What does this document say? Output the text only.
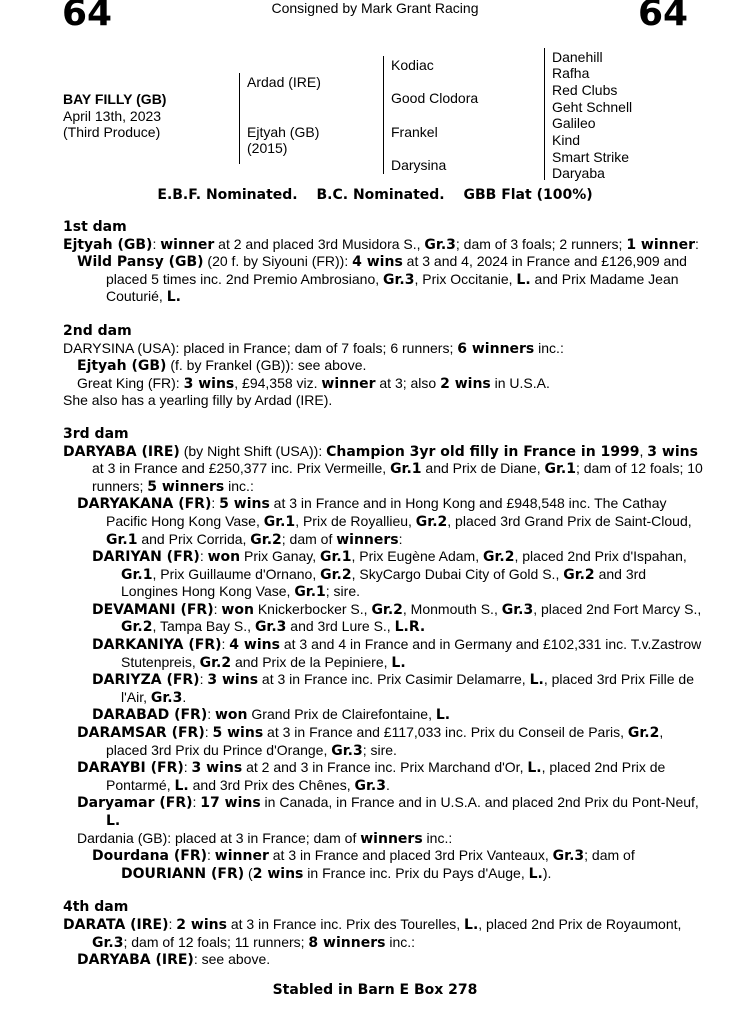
64	Consigned by Mark Grant Racing	64
BAY FILLY (GB)
April 13th, 2023
(Third Produce)
Ardad (IRE)
Ejtyah (GB)
(2015)
Kodiac
Good Clodora
Frankel
Darysina
Danehill
Rafha
Red Clubs
Geht Schnell
Galileo
Kind
Smart Strike
Daryaba
E.B.F. Nominated. B.C. Nominated. GBB Flat (100%)
1st dam
Ejtyah (GB): winner at 2 and placed 3rd Musidora S., Gr.3; dam of 3 foals; 2 runners; 1 winner:
Wild Pansy (GB) (20 f. by Siyouni (FR)): 4 wins at 3 and 4, 2024 in France and £126,909 and placed 5 times inc. 2nd Premio Ambrosiano, Gr.3, Prix Occitanie, L. and Prix Madame Jean Couturié, L.
2nd dam
DARYSINA (USA): placed in France; dam of 7 foals; 6 runners; 6 winners inc.:
Ejtyah (GB) (f. by Frankel (GB)): see above.
Great King (FR): 3 wins, £94,358 viz. winner at 3; also 2 wins in U.S.A.
She also has a yearling filly by Ardad (IRE).
3rd dam
DARYABA (IRE) (by Night Shift (USA)): Champion 3yr old filly in France in 1999, 3 wins at 3 in France and £250,377 inc. Prix Vermeille, Gr.1 and Prix de Diane, Gr.1; dam of 12 foals; 10 runners; 5 winners inc.:
DARYAKANA (FR): 5 wins at 3 in France and in Hong Kong and £948,548 inc. The Cathay Pacific Hong Kong Vase, Gr.1, Prix de Royallieu, Gr.2, placed 3rd Grand Prix de Saint-Cloud, Gr.1 and Prix Corrida, Gr.2; dam of winners:
DARIYAN (FR): won Prix Ganay, Gr.1, Prix Eugène Adam, Gr.2, placed 2nd Prix d'Ispahan, Gr.1, Prix Guillaume d'Ornano, Gr.2, SkyCargo Dubai City of Gold S., Gr.2 and 3rd Longines Hong Kong Vase, Gr.1; sire.
DEVAMANI (FR): won Knickerbocker S., Gr.2, Monmouth S., Gr.3, placed 2nd Fort Marcy S., Gr.2, Tampa Bay S., Gr.3 and 3rd Lure S., L.R.
DARKANIYA (FR): 4 wins at 3 and 4 in France and in Germany and £102,331 inc. T.v.Zastrow Stutenpreis, Gr.2 and Prix de la Pepiniere, L.
DARIYZA (FR): 3 wins at 3 in France inc. Prix Casimir Delamarre, L., placed 3rd Prix Fille de l'Air, Gr.3.
DARABAD (FR): won Grand Prix de Clairefontaine, L.
DARAMSAR (FR): 5 wins at 3 in France and £117,033 inc. Prix du Conseil de Paris, Gr.2, placed 3rd Prix du Prince d'Orange, Gr.3; sire.
DARAYBI (FR): 3 wins at 2 and 3 in France inc. Prix Marchand d'Or, L., placed 2nd Prix de Pontarmé, L. and 3rd Prix des Chênes, Gr.3.
Daryamar (FR): 17 wins in Canada, in France and in U.S.A. and placed 2nd Prix du Pont-Neuf, L.
Dardania (GB): placed at 3 in France; dam of winners inc.:
Dourdana (FR): winner at 3 in France and placed 3rd Prix Vanteaux, Gr.3; dam of DOURIANN (FR) (2 wins in France inc. Prix du Pays d'Auge, L.).
4th dam
DARATA (IRE): 2 wins at 3 in France inc. Prix des Tourelles, L., placed 2nd Prix de Royaumont, Gr.3; dam of 12 foals; 11 runners; 8 winners inc.:
DARYABA (IRE): see above.
Stabled in Barn E Box 278
